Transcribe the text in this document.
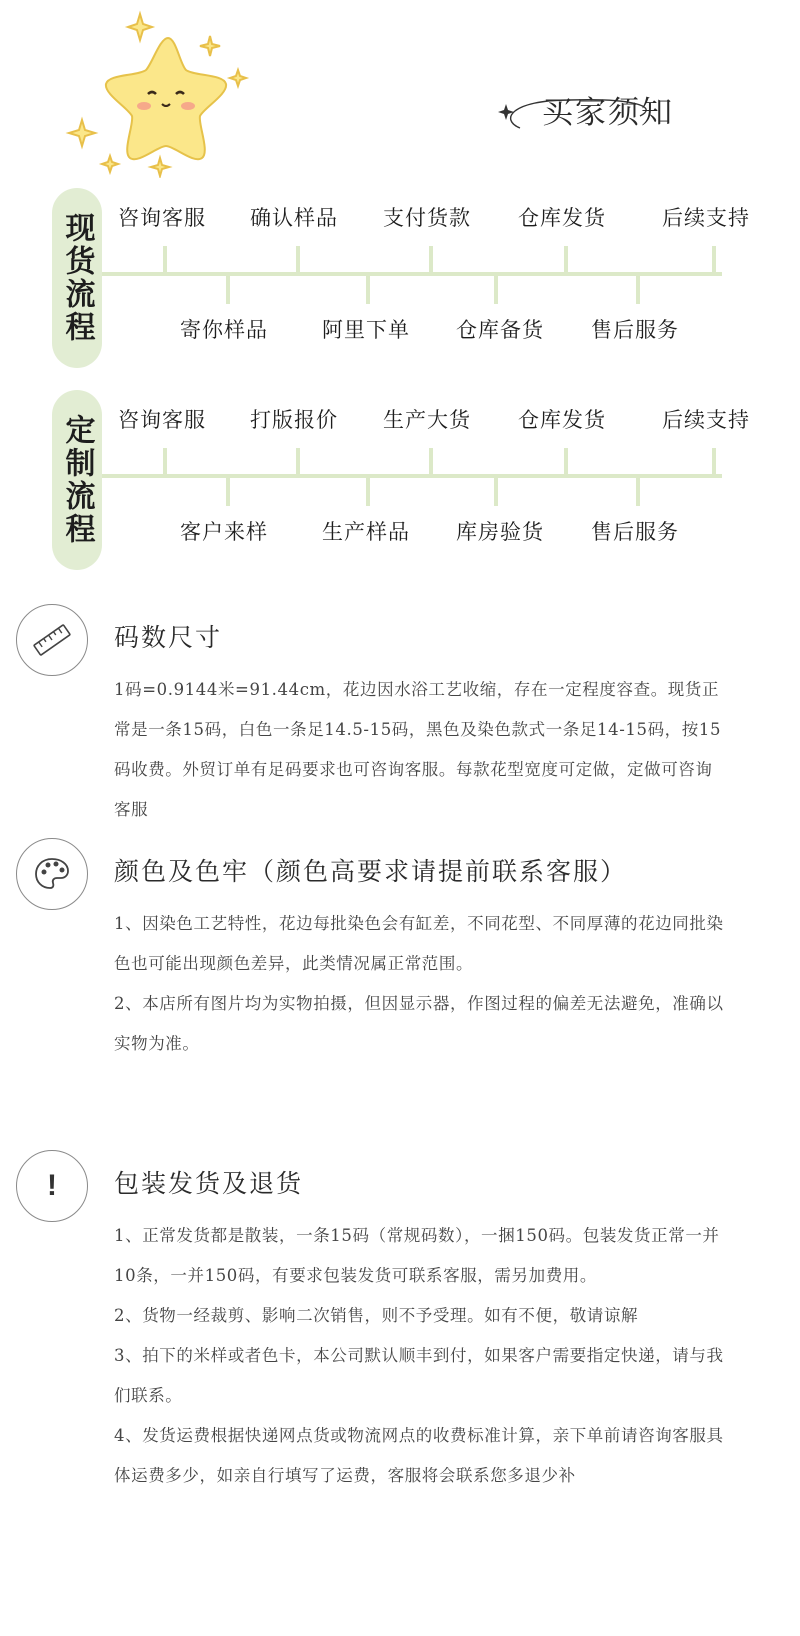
买家须知
现货流程	咨询客服 确认样品 支付货款 仓库发货	后续支持
寄你样品	阿里下单 仓库备货 售后服务
定制流程	咨询客服 打版报价 生产大货 仓库发货	后续支持
客户来样	生产样品 库房验货 售后服务
码数尺寸

1码=0.9144米=91.44cm，花边因水浴工艺收缩，存在一定程度容查。现货正常是一条15码，白色一条足14.5-15码，黑色及染色款式一条足14-15码，按15码收费。外贸订单有足码要求也可咨询客服。每款花型宽度可定做，定做可咨询客服

颜色及色牢（颜色高要求请提前联系客服）

1、因染色工艺特性，花边每批染色会有缸差，不同花型、不同厚薄的花边同批染色也可能出现颜色差异，此类情况属正常范围。

2、本店所有图片均为实物拍摄，但因显示器，作图过程的偏差无法避免，准确以实物为准。

! 包装发货及退货

1、正常发货都是散装，一条15码（常规码数），一捆150码。包装发货正常一并10条，一并150码，有要求包装发货可联系客服，需另加费用。

2、货物一经裁剪、影响二次销售，则不予受理。如有不便，敬请谅解

3、拍下的米样或者色卡，本公司默认顺丰到付，如果客户需要指定快递，请与我们联系。

4、发货运费根据快递网点货或物流网点的收费标准计算，亲下单前请咨询客服具体运费多少，如亲自行填写了运费，客服将会联系您多退少补
